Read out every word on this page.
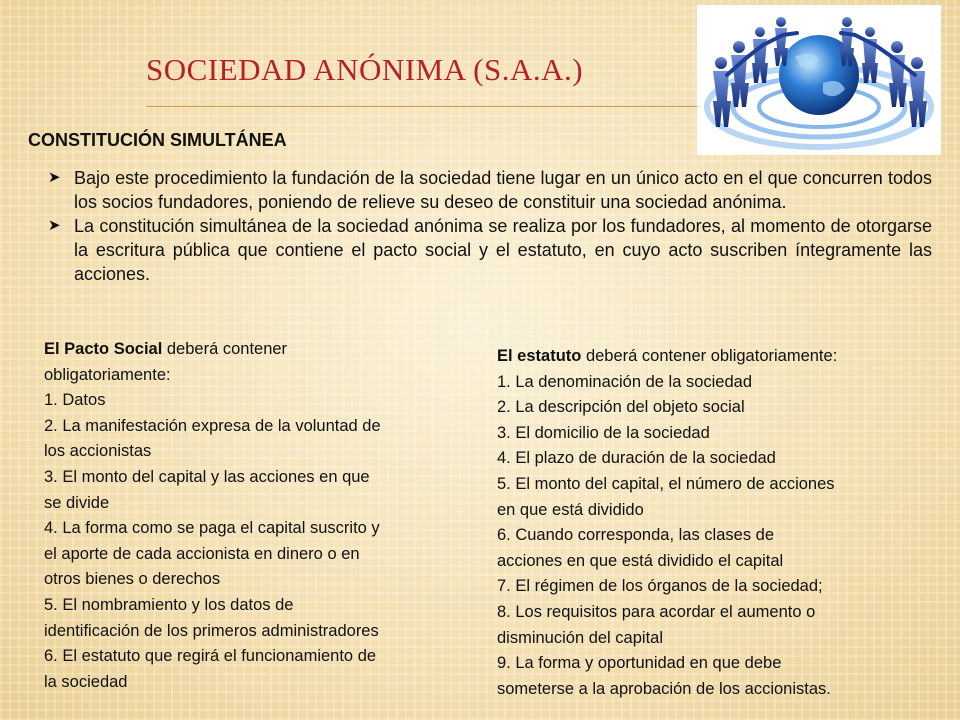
SOCIEDAD ANÓNIMA (S.A.A.)
CONSTITUCIÓN SIMULTÁNEA
➤ Bajo este procedimiento la fundación de la sociedad tiene lugar en un único acto en el que concurren todos los socios fundadores, poniendo de relieve su deseo de constituir una sociedad anónima.
➤ La constitución simultánea de la sociedad anónima se realiza por los fundadores, al momento de otorgarse la escritura pública que contiene el pacto social y el estatuto, en cuyo acto suscriben íntegramente las acciones.
El Pacto Social deberá contener
obligatoriamente:
1. Datos
2. La manifestación expresa de la voluntad de
los accionistas
3. El monto del capital y las acciones en que
se divide
4. La forma como se paga el capital suscrito y
el aporte de cada accionista en dinero o en
otros bienes o derechos
5. El nombramiento y los datos de
identificación de los primeros administradores
6. El estatuto que regirá el funcionamiento de
la sociedad
El estatuto deberá contener obligatoriamente:
1. La denominación de la sociedad
2. La descripción del objeto social
3. El domicilio de la sociedad
4. El plazo de duración de la sociedad
5. El monto del capital, el número de acciones
en que está dividido
6. Cuando corresponda, las clases de
acciones en que está dividido el capital
7. El régimen de los órganos de la sociedad;
8. Los requisitos para acordar el aumento o
disminución del capital
9. La forma y oportunidad en que debe
someterse a la aprobación de los accionistas.
